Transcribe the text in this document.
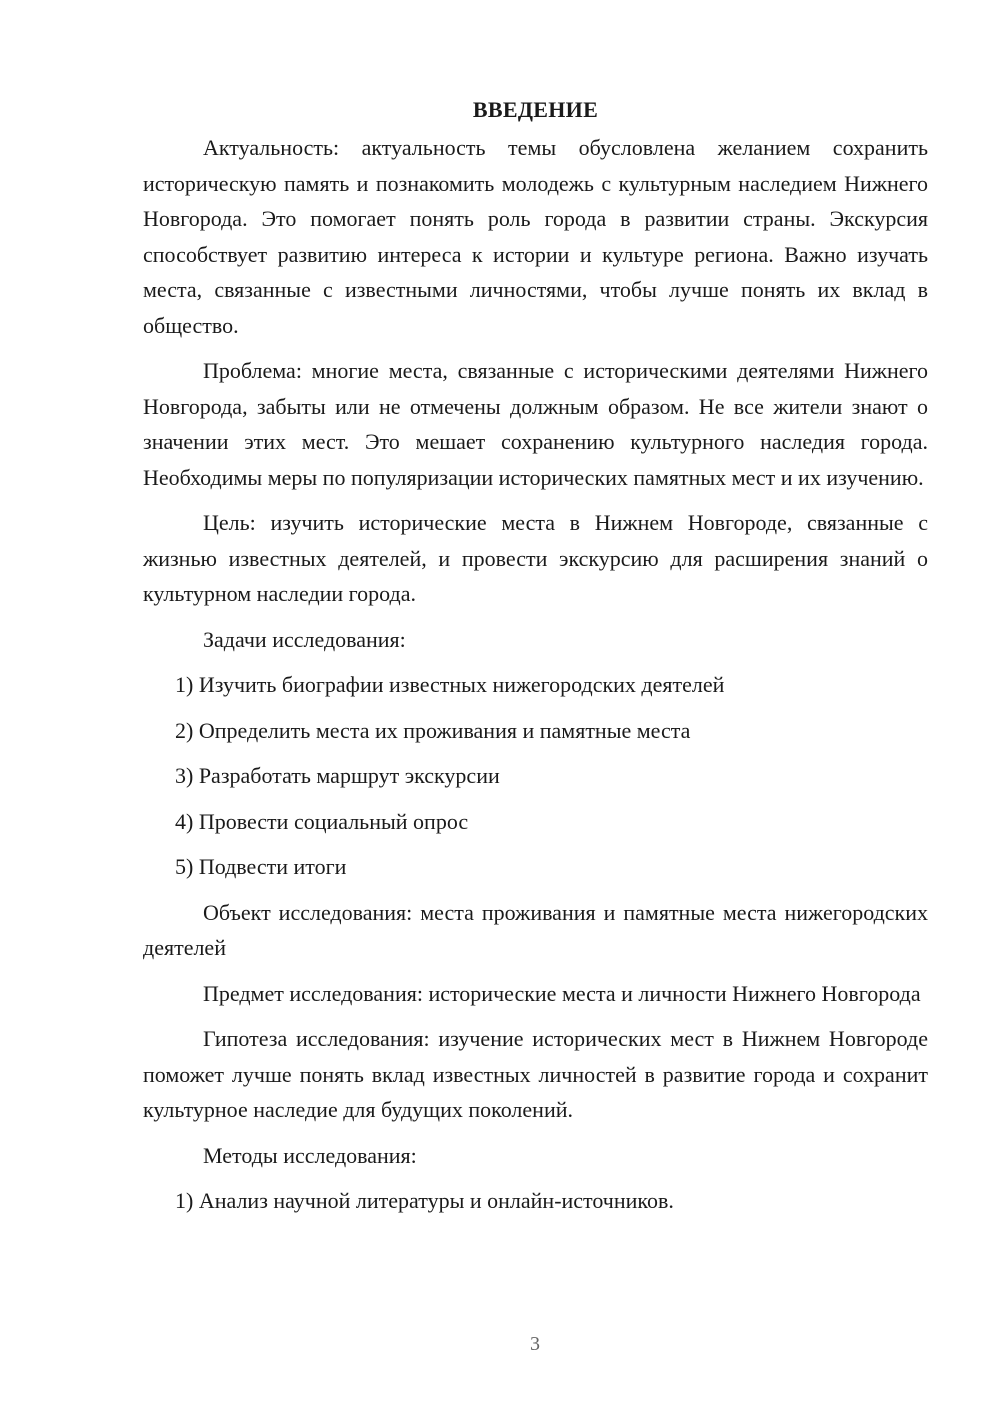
ВВЕДЕНИЕ

Актуальность: актуальность темы обусловлена желанием сохранить историческую память и познакомить молодежь с культурным наследием Нижнего Новгорода. Это помогает понять роль города в развитии страны. Экскурсия способствует развитию интереса к истории и культуре региона. Важно изучать места, связанные с известными личностями, чтобы лучше понять их вклад в общество.

Проблема: многие места, связанные с историческими деятелями Нижнего Новгорода, забыты или не отмечены должным образом. Не все жители знают о значении этих мест. Это мешает сохранению культурного наследия города. Необходимы меры по популяризации исторических памятных мест и их изучению.

Цель: изучить исторические места в Нижнем Новгороде, связанные с жизнью известных деятелей, и провести экскурсию для расширения знаний о культурном наследии города.

Задачи исследования:

1) Изучить биографии известных нижегородских деятелей
2) Определить места их проживания и памятные места
3) Разработать маршрут экскурсии
4) Провести социальный опрос
5) Подвести итоги

Объект исследования: места проживания и памятные места нижегородских деятелей

Предмет исследования: исторические места и личности Нижнего Новгорода

Гипотеза исследования: изучение исторических мест в Нижнем Новгороде поможет лучше понять вклад известных личностей в развитие города и сохранит культурное наследие для будущих поколений.

Методы исследования:

1) Анализ научной литературы и онлайн-источников.
3
